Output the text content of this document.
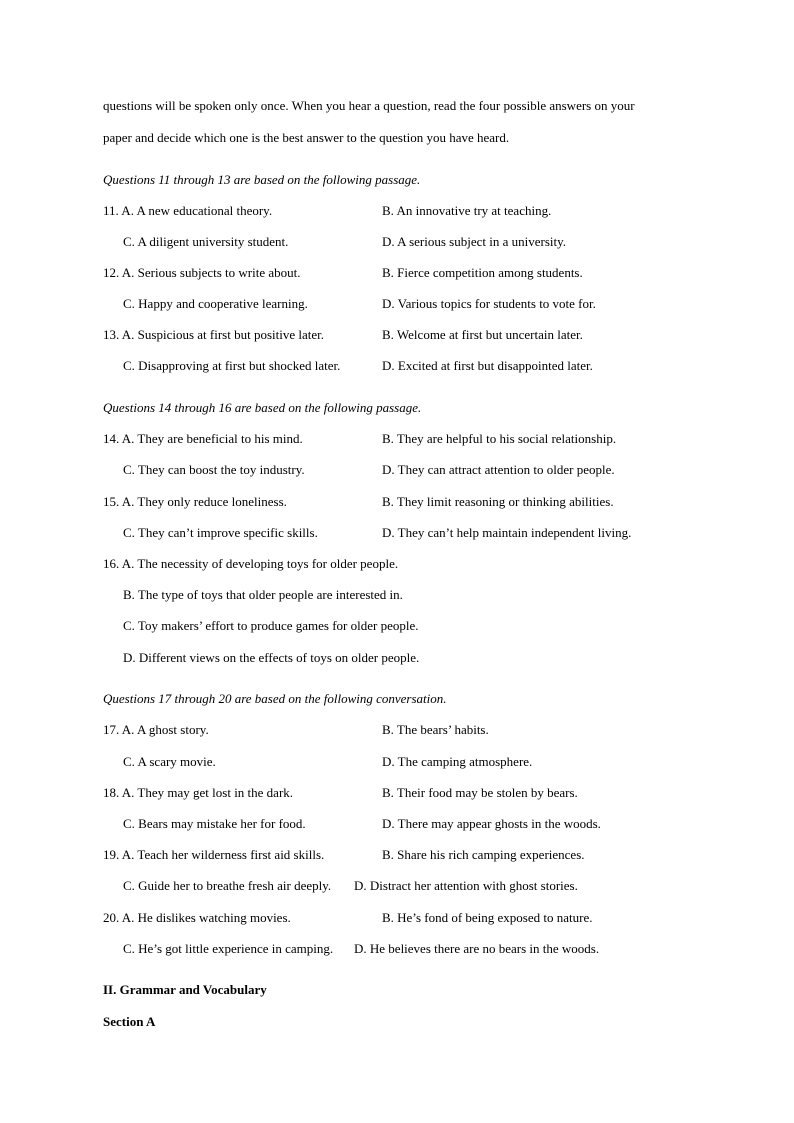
questions will be spoken only once. When you hear a question, read the four possible answers on your
paper and decide which one is the best answer to the question you have heard.
Questions 11 through 13 are based on the following passage.
11. A. A new educational theory.	B. An innovative try at teaching.
C. A diligent university student.	D. A serious subject in a university.
12. A. Serious subjects to write about.	B. Fierce competition among students.
C. Happy and cooperative learning.	D. Various topics for students to vote for.
13. A. Suspicious at first but positive later.	B. Welcome at first but uncertain later.
C. Disapproving at first but shocked later.	D. Excited at first but disappointed later.
Questions 14 through 16 are based on the following passage.
14. A. They are beneficial to his mind.	B. They are helpful to his social relationship.
C. They can boost the toy industry.	D. They can attract attention to older people.
15. A. They only reduce loneliness.	B. They limit reasoning or thinking abilities.
C. They can’t improve specific skills.	D. They can’t help maintain independent living.
16. A. The necessity of developing toys for older people.
B. The type of toys that older people are interested in.
C. Toy makers’ effort to produce games for older people.
D. Different views on the effects of toys on older people.
Questions 17 through 20 are based on the following conversation.
17. A. A ghost story.	B. The bears’ habits.
C. A scary movie.	D. The camping atmosphere.
18. A. They may get lost in the dark.	B. Their food may be stolen by bears.
C. Bears may mistake her for food.	D. There may appear ghosts in the woods.
19. A. Teach her wilderness first aid skills.	B. Share his rich camping experiences.
C. Guide her to breathe fresh air deeply. D. Distract her attention with ghost stories.
20. A. He dislikes watching movies.	B. He’s fond of being exposed to nature.
C. He’s got little experience in camping. D. He believes there are no bears in the woods.
II. Grammar and Vocabulary
Section A
